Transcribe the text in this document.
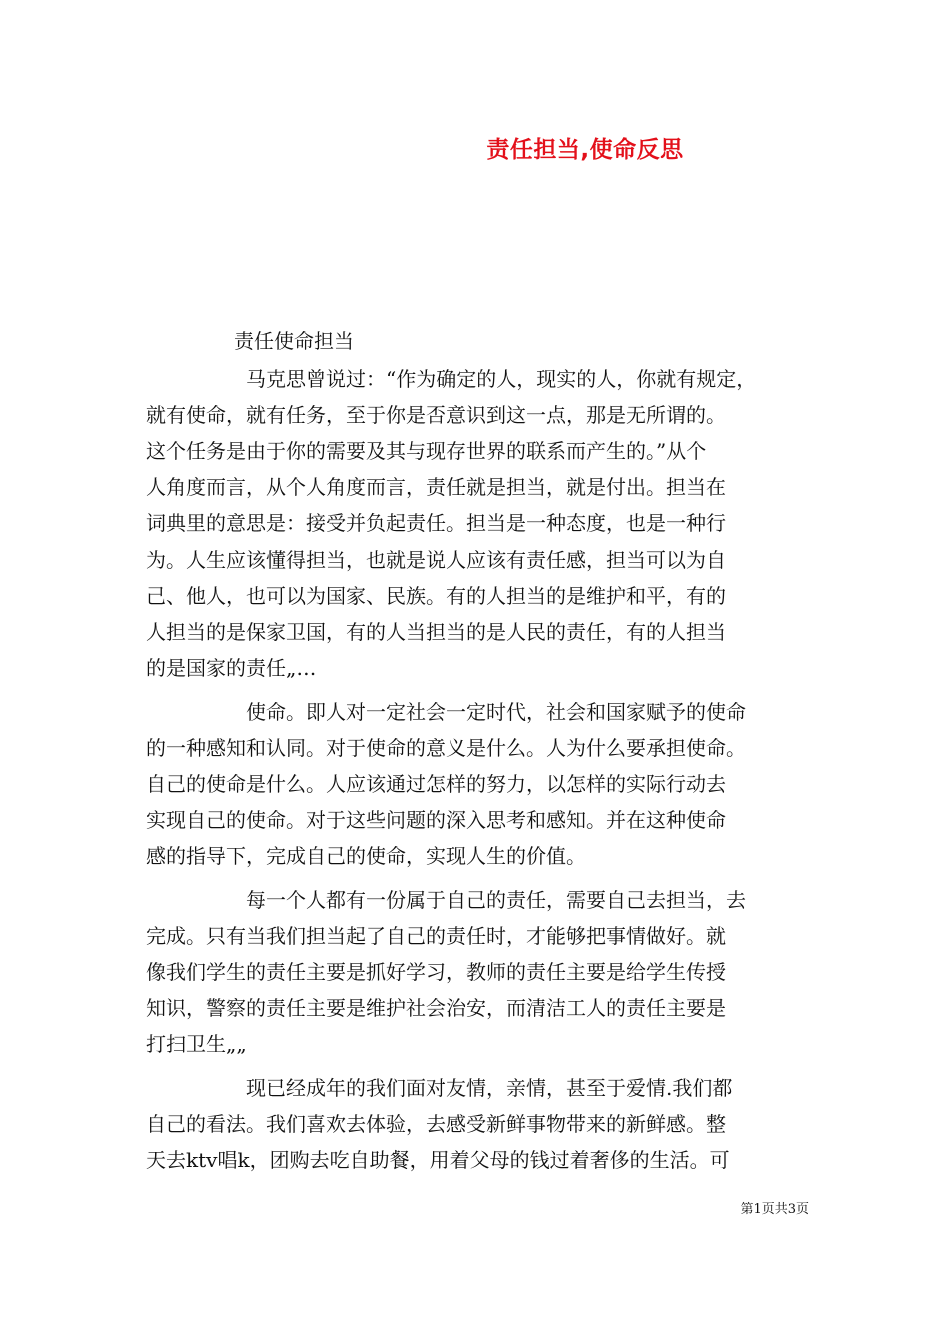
责任担当,使命反思
责任使命担当
马克思曾说过：“作为确定的人，现实的人，你就有规定，
就有使命，就有任务，至于你是否意识到这一点，那是无所谓的。
这个任务是由于你的需要及其与现存世界的联系而产生的。”从个
人角度而言，从个人角度而言，责任就是担当，就是付出。担当在
词典里的意思是：接受并负起责任。担当是一种态度，也是一种行
为。人生应该懂得担当，也就是说人应该有责任感，担当可以为自
己、他人，也可以为国家、民族。有的人担当的是维护和平，有的
人担当的是保家卫国，有的人当担当的是人民的责任，有的人担当
的是国家的责任„…
使命。即人对一定社会一定时代，社会和国家赋予的使命
的一种感知和认同。对于使命的意义是什么。人为什么要承担使命。
自己的使命是什么。人应该通过怎样的努力，以怎样的实际行动去
实现自己的使命。对于这些问题的深入思考和感知。并在这种使命
感的指导下，完成自己的使命，实现人生的价值。
每一个人都有一份属于自己的责任，需要自己去担当，去
完成。只有当我们担当起了自己的责任时，才能够把事情做好。就
像我们学生的责任主要是抓好学习，教师的责任主要是给学生传授
知识，警察的责任主要是维护社会治安，而清洁工人的责任主要是
打扫卫生„„
现已经成年的我们面对友情，亲情，甚至于爱情.我们都
自己的看法。我们喜欢去体验，去感受新鲜事物带来的新鲜感。整
天去ktv唱k，团购去吃自助餐，用着父母的钱过着奢侈的生活。可
第1页共3页
